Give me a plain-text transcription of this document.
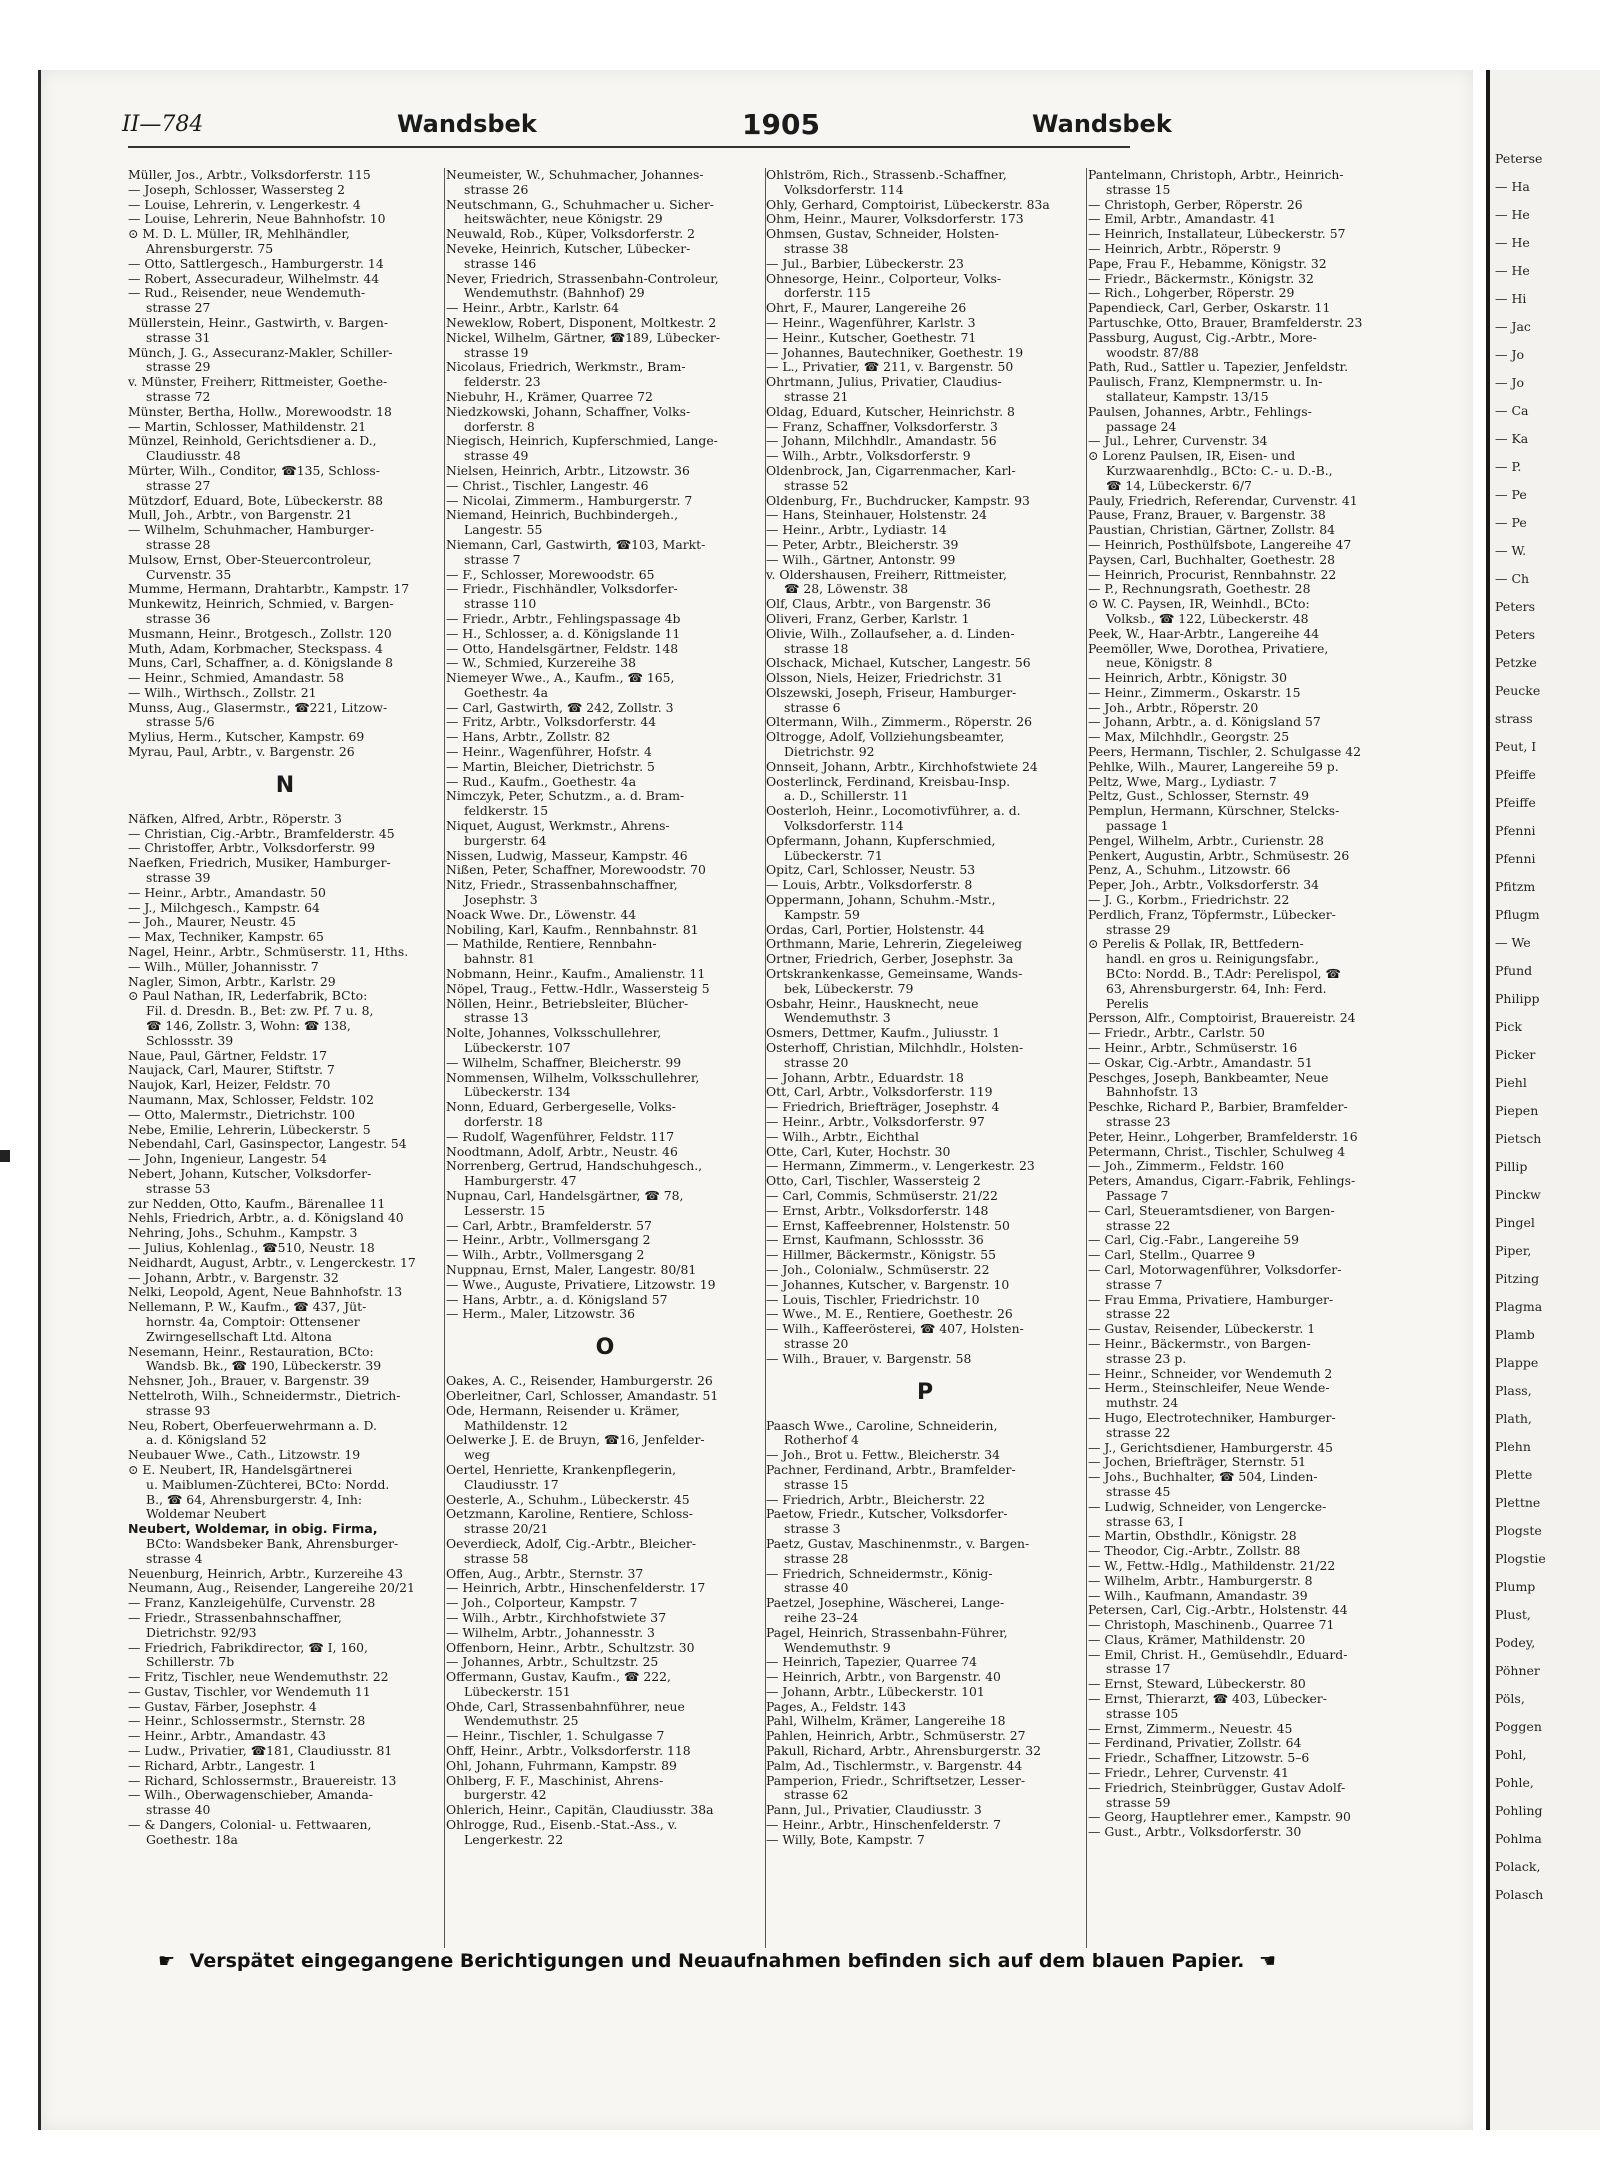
II—784	Wandsbek	1905	Wandsbek
Müller, Jos., Arbtr., Volksdorferstr. 115
— Joseph, Schlosser, Wassersteg 2
— Louise, Lehrerin, v. Lengerkestr. 4
— Louise, Lehrerin, Neue Bahnhofstr. 10
⊙ M. D. L. Müller, IR, Mehlhändler,
Ahrensburgerstr. 75
— Otto, Sattlergesch., Hamburgerstr. 14
— Robert, Assecuradeur, Wilhelmstr. 44
— Rud., Reisender, neue Wendemuth-
strasse 27
Müllerstein, Heinr., Gastwirth, v. Bargen-
strasse 31
Münch, J. G., Assecuranz-Makler, Schiller-
strasse 29
v. Münster, Freiherr, Rittmeister, Goethe-
strasse 72
Münster, Bertha, Hollw., Morewoodstr. 18
— Martin, Schlosser, Mathildenstr. 21
Münzel, Reinhold, Gerichtsdiener a. D.,
Claudiusstr. 48
Mürter, Wilh., Conditor, ☎135, Schloss-
strasse 27
Mützdorf, Eduard, Bote, Lübeckerstr. 88
Mull, Joh., Arbtr., von Bargenstr. 21
— Wilhelm, Schuhmacher, Hamburger-
strasse 28
Mulsow, Ernst, Ober-Steuercontroleur,
Curvenstr. 35
Mumme, Hermann, Drahtarbtr., Kampstr. 17
Munkewitz, Heinrich, Schmied, v. Bargen-
strasse 36
Musmann, Heinr., Brotgesch., Zollstr. 120
Muth, Adam, Korbmacher, Steckspass. 4
Muns, Carl, Schaffner, a. d. Königslande 8
— Heinr., Schmied, Amandastr. 58
— Wilh., Wirthsch., Zollstr. 21
Munss, Aug., Glasermstr., ☎221, Litzow-
strasse 5/6
Mylius, Herm., Kutscher, Kampstr. 69
Myrau, Paul, Arbtr., v. Bargenstr. 26
N
Näfken, Alfred, Arbtr., Röperstr. 3
— Christian, Cig.-Arbtr., Bramfelderstr. 45
— Christoffer, Arbtr., Volksdorferstr. 99
Naefken, Friedrich, Musiker, Hamburger-
strasse 39
— Heinr., Arbtr., Amandastr. 50
— J., Milchgesch., Kampstr. 64
— Joh., Maurer, Neustr. 45
— Max, Techniker, Kampstr. 65
Nagel, Heinr., Arbtr., Schmüserstr. 11, Hths.
— Wilh., Müller, Johannisstr. 7
Nagler, Simon, Arbtr., Karlstr. 29
⊙ Paul Nathan, IR, Lederfabrik, BCto:
Fil. d. Dresdn. B., Bet: zw. Pf. 7 u. 8,
☎ 146, Zollstr. 3, Wohn: ☎ 138,
Schlossstr. 39
Naue, Paul, Gärtner, Feldstr. 17
Naujack, Carl, Maurer, Stiftstr. 7
Naujok, Karl, Heizer, Feldstr. 70
Naumann, Max, Schlosser, Feldstr. 102
— Otto, Malermstr., Dietrichstr. 100
Nebe, Emilie, Lehrerin, Lübeckerstr. 5
Nebendahl, Carl, Gasinspector, Langestr. 54
— John, Ingenieur, Langestr. 54
Nebert, Johann, Kutscher, Volksdorfer-
strasse 53
zur Nedden, Otto, Kaufm., Bärenallee 11
Nehls, Friedrich, Arbtr., a. d. Königsland 40
Nehring, Johs., Schuhm., Kampstr. 3
— Julius, Kohlenlag., ☎510, Neustr. 18
Neidhardt, August, Arbtr., v. Lengerckestr. 17
— Johann, Arbtr., v. Bargenstr. 32
Nelki, Leopold, Agent, Neue Bahnhofstr. 13
Nellemann, P. W., Kaufm., ☎ 437, Jüt-
hornstr. 4a, Comptoir: Ottensener
Zwirngesellschaft Ltd. Altona
Nesemann, Heinr., Restauration, BCto:
Wandsb. Bk., ☎ 190, Lübeckerstr. 39
Nehsner, Joh., Brauer, v. Bargenstr. 39
Nettelroth, Wilh., Schneidermstr., Dietrich-
strasse 93
Neu, Robert, Oberfeuerwehrmann a. D.
a. d. Königsland 52
Neubauer Wwe., Cath., Litzowstr. 19
⊙ E. Neubert, IR, Handelsgärtnerei
u. Maiblumen-Züchterei, BCto: Nordd.
B., ☎ 64, Ahrensburgerstr. 4, Inh:
Woldemar Neubert
Neubert, Woldemar, in obig. Firma,
BCto: Wandsbeker Bank, Ahrensburger-
strasse 4
Neuenburg, Heinrich, Arbtr., Kurzereihe 43
Neumann, Aug., Reisender, Langereihe 20/21
— Franz, Kanzleigehülfe, Curvenstr. 28
— Friedr., Strassenbahnschaffner,
Dietrichstr. 92/93
— Friedrich, Fabrikdirector, ☎ I, 160,
Schillerstr. 7b
— Fritz, Tischler, neue Wendemuthstr. 22
— Gustav, Tischler, vor Wendemuth 11
— Gustav, Färber, Josephstr. 4
— Heinr., Schlossermstr., Sternstr. 28
— Heinr., Arbtr., Amandastr. 43
— Ludw., Privatier, ☎181, Claudiusstr. 81
— Richard, Arbtr., Langestr. 1
— Richard, Schlossermstr., Brauereistr. 13
— Wilh., Oberwagenschieber, Amanda-
strasse 40
— & Dangers, Colonial- u. Fettwaaren,
Goethestr. 18a
Neumeister, W., Schuhmacher, Johannes-
strasse 26
Neutschmann, G., Schuhmacher u. Sicher-
heitswächter, neue Königstr. 29
Neuwald, Rob., Küper, Volksdorferstr. 2
Neveke, Heinrich, Kutscher, Lübecker-
strasse 146
Never, Friedrich, Strassenbahn-Controleur,
Wendemuthstr. (Bahnhof) 29
— Heinr., Arbtr., Karlstr. 64
Neweklow, Robert, Disponent, Moltkestr. 2
Nickel, Wilhelm, Gärtner, ☎189, Lübecker-
strasse 19
Nicolaus, Friedrich, Werkmstr., Bram-
felderstr. 23
Niebuhr, H., Krämer, Quarree 72
Niedzkowski, Johann, Schaffner, Volks-
dorferstr. 8
Niegisch, Heinrich, Kupferschmied, Lange-
strasse 49
Nielsen, Heinrich, Arbtr., Litzowstr. 36
— Christ., Tischler, Langestr. 46
— Nicolai, Zimmerm., Hamburgerstr. 7
Niemand, Heinrich, Buchbindergeh.,
Langestr. 55
Niemann, Carl, Gastwirth, ☎103, Markt-
strasse 7
— F., Schlosser, Morewoodstr. 65
— Friedr., Fischhändler, Volksdorfer-
strasse 110
— Friedr., Arbtr., Fehlingspassage 4b
— H., Schlosser, a. d. Königslande 11
— Otto, Handelsgärtner, Feldstr. 148
— W., Schmied, Kurzereihe 38
Niemeyer Wwe., A., Kaufm., ☎ 165,
Goethestr. 4a
— Carl, Gastwirth, ☎ 242, Zollstr. 3
— Fritz, Arbtr., Volksdorferstr. 44
— Hans, Arbtr., Zollstr. 82
— Heinr., Wagenführer, Hofstr. 4
— Martin, Bleicher, Dietrichstr. 5
— Rud., Kaufm., Goethestr. 4a
Nimczyk, Peter, Schutzm., a. d. Bram-
feldkerstr. 15
Niquet, August, Werkmstr., Ahrens-
burgerstr. 64
Nissen, Ludwig, Masseur, Kampstr. 46
Nißen, Peter, Schaffner, Morewoodstr. 70
Nitz, Friedr., Strassenbahnschaffner,
Josephstr. 3
Noack Wwe. Dr., Löwenstr. 44
Nobiling, Karl, Kaufm., Rennbahnstr. 81
— Mathilde, Rentiere, Rennbahn-
bahnstr. 81
Nobmann, Heinr., Kaufm., Amalienstr. 11
Nöpel, Traug., Fettw.-Hdlr., Wassersteig 5
Nöllen, Heinr., Betriebsleiter, Blücher-
strasse 13
Nolte, Johannes, Volksschullehrer,
Lübeckerstr. 107
— Wilhelm, Schaffner, Bleicherstr. 99
Nommensen, Wilhelm, Volksschullehrer,
Lübeckerstr. 134
Nonn, Eduard, Gerbergeselle, Volks-
dorferstr. 18
— Rudolf, Wagenführer, Feldstr. 117
Noodtmann, Adolf, Arbtr., Neustr. 46
Norrenberg, Gertrud, Handschuhgesch.,
Hamburgerstr. 47
Nupnau, Carl, Handelsgärtner, ☎ 78,
Lesserstr. 15
— Carl, Arbtr., Bramfelderstr. 57
— Heinr., Arbtr., Vollmersgang 2
— Wilh., Arbtr., Vollmersgang 2
Nuppnau, Ernst, Maler, Langestr. 80/81
— Wwe., Auguste, Privatiere, Litzowstr. 19
— Hans, Arbtr., a. d. Königsland 57
— Herm., Maler, Litzowstr. 36
O
Oakes, A. C., Reisender, Hamburgerstr. 26
Oberleitner, Carl, Schlosser, Amandastr. 51
Ode, Hermann, Reisender u. Krämer,
Mathildenstr. 12
Oelwerke J. E. de Bruyn, ☎16, Jenfelder-
weg
Oertel, Henriette, Krankenpflegerin,
Claudiusstr. 17
Oesterle, A., Schuhm., Lübeckerstr. 45
Oetzmann, Karoline, Rentiere, Schloss-
strasse 20/21
Oeverdieck, Adolf, Cig.-Arbtr., Bleicher-
strasse 58
Offen, Aug., Arbtr., Sternstr. 37
— Heinrich, Arbtr., Hinschenfelderstr. 17
— Joh., Colporteur, Kampstr. 7
— Wilh., Arbtr., Kirchhofstwiete 37
— Wilhelm, Arbtr., Johannesstr. 3
Offenborn, Heinr., Arbtr., Schultzstr. 30
— Johannes, Arbtr., Schultzstr. 25
Offermann, Gustav, Kaufm., ☎ 222,
Lübeckerstr. 151
Ohde, Carl, Strassenbahnführer, neue
Wendemuthstr. 25
— Heinr., Tischler, 1. Schulgasse 7
Ohff, Heinr., Arbtr., Volksdorferstr. 118
Ohl, Johann, Fuhrmann, Kampstr. 89
Ohlberg, F. F., Maschinist, Ahrens-
burgerstr. 42
Ohlerich, Heinr., Capitän, Claudiusstr. 38a
Ohlrogge, Rud., Eisenb.-Stat.-Ass., v.
Lengerkestr. 22
Ohlström, Rich., Strassenb.-Schaffner,
Volksdorferstr. 114
Ohly, Gerhard, Comptoirist, Lübeckerstr. 83a
Ohm, Heinr., Maurer, Volksdorferstr. 173
Ohmsen, Gustav, Schneider, Holsten-
strasse 38
— Jul., Barbier, Lübeckerstr. 23
Ohnesorge, Heinr., Colporteur, Volks-
dorferstr. 115
Ohrt, F., Maurer, Langereihe 26
— Heinr., Wagenführer, Karlstr. 3
— Heinr., Kutscher, Goethestr. 71
— Johannes, Bautechniker, Goethestr. 19
— L., Privatier, ☎ 211, v. Bargenstr. 50
Ohrtmann, Julius, Privatier, Claudius-
strasse 21
Oldag, Eduard, Kutscher, Heinrichstr. 8
— Franz, Schaffner, Volksdorferstr. 3
— Johann, Milchhdlr., Amandastr. 56
— Wilh., Arbtr., Volksdorferstr. 9
Oldenbrock, Jan, Cigarrenmacher, Karl-
strasse 52
Oldenburg, Fr., Buchdrucker, Kampstr. 93
— Hans, Steinhauer, Holstenstr. 24
— Heinr., Arbtr., Lydiastr. 14
— Peter, Arbtr., Bleicherstr. 39
— Wilh., Gärtner, Antonstr. 99
v. Oldershausen, Freiherr, Rittmeister,
☎ 28, Löwenstr. 38
Olf, Claus, Arbtr., von Bargenstr. 36
Oliveri, Franz, Gerber, Karlstr. 1
Olivie, Wilh., Zollaufseher, a. d. Linden-
strasse 18
Olschack, Michael, Kutscher, Langestr. 56
Olsson, Niels, Heizer, Friedrichstr. 31
Olszewski, Joseph, Friseur, Hamburger-
strasse 6
Oltermann, Wilh., Zimmerm., Röperstr. 26
Oltrogge, Adolf, Vollziehungsbeamter,
Dietrichstr. 92
Onnseit, Johann, Arbtr., Kirchhofstwiete 24
Oosterlinck, Ferdinand, Kreisbau-Insp.
a. D., Schillerstr. 11
Oosterloh, Heinr., Locomotivführer, a. d.
Volksdorferstr. 114
Opfermann, Johann, Kupferschmied,
Lübeckerstr. 71
Opitz, Carl, Schlosser, Neustr. 53
— Louis, Arbtr., Volksdorferstr. 8
Oppermann, Johann, Schuhm.-Mstr.,
Kampstr. 59
Ordas, Carl, Portier, Holstenstr. 44
Orthmann, Marie, Lehrerin, Ziegeleiweg
Ortner, Friedrich, Gerber, Josephstr. 3a
Ortskrankenkasse, Gemeinsame, Wands-
bek, Lübeckerstr. 79
Osbahr, Heinr., Hausknecht, neue
Wendemuthstr. 3
Osmers, Dettmer, Kaufm., Juliusstr. 1
Osterhoff, Christian, Milchhdlr., Holsten-
strasse 20
— Johann, Arbtr., Eduardstr. 18
Ott, Carl, Arbtr., Volksdorferstr. 119
— Friedrich, Briefträger, Josephstr. 4
— Heinr., Arbtr., Volksdorferstr. 97
— Wilh., Arbtr., Eichthal
Otte, Carl, Kuter, Hochstr. 30
— Hermann, Zimmerm., v. Lengerkestr. 23
Otto, Carl, Tischler, Wassersteig 2
— Carl, Commis, Schmüserstr. 21/22
— Ernst, Arbtr., Volksdorferstr. 148
— Ernst, Kaffeebrenner, Holstenstr. 50
— Ernst, Kaufmann, Schlossstr. 36
— Hillmer, Bäckermstr., Königstr. 55
— Joh., Colonialw., Schmüserstr. 22
— Johannes, Kutscher, v. Bargenstr. 10
— Louis, Tischler, Friedrichstr. 10
— Wwe., M. E., Rentiere, Goethestr. 26
— Wilh., Kaffeerösterei, ☎ 407, Holsten-
strasse 20
— Wilh., Brauer, v. Bargenstr. 58
P
Paasch Wwe., Caroline, Schneiderin,
Rotherhof 4
— Joh., Brot u. Fettw., Bleicherstr. 34
Pachner, Ferdinand, Arbtr., Bramfelder-
strasse 15
— Friedrich, Arbtr., Bleicherstr. 22
Paetow, Friedr., Kutscher, Volksdorfer-
strasse 3
Paetz, Gustav, Maschinenmstr., v. Bargen-
strasse 28
— Friedrich, Schneidermstr., König-
strasse 40
Paetzel, Josephine, Wäscherei, Lange-
reihe 23–24
Pagel, Heinrich, Strassenbahn-Führer,
Wendemuthstr. 9
— Heinrich, Tapezier, Quarree 74
— Heinrich, Arbtr., von Bargenstr. 40
— Johann, Arbtr., Lübeckerstr. 101
Pages, A., Feldstr. 143
Pahl, Wilhelm, Krämer, Langereihe 18
Pahlen, Heinrich, Arbtr., Schmüserstr. 27
Pakull, Richard, Arbtr., Ahrensburgerstr. 32
Palm, Ad., Tischlermstr., v. Bargenstr. 44
Pamperion, Friedr., Schriftsetzer, Lesser-
strasse 62
Pann, Jul., Privatier, Claudiusstr. 3
— Heinr., Arbtr., Hinschenfelderstr. 7
— Willy, Bote, Kampstr. 7
Pantelmann, Christoph, Arbtr., Heinrich-
strasse 15
— Christoph, Gerber, Röperstr. 26
— Emil, Arbtr., Amandastr. 41
— Heinrich, Installateur, Lübeckerstr. 57
— Heinrich, Arbtr., Röperstr. 9
Pape, Frau F., Hebamme, Königstr. 32
— Friedr., Bäckermstr., Königstr. 32
— Rich., Lohgerber, Röperstr. 29
Papendieck, Carl, Gerber, Oskarstr. 11
Partuschke, Otto, Brauer, Bramfelderstr. 23
Passburg, August, Cig.-Arbtr., More-
woodstr. 87/88
Path, Rud., Sattler u. Tapezier, Jenfeldstr.
Paulisch, Franz, Klempnermstr. u. In-
stallateur, Kampstr. 13/15
Paulsen, Johannes, Arbtr., Fehlings-
passage 24
— Jul., Lehrer, Curvenstr. 34
⊙ Lorenz Paulsen, IR, Eisen- und
Kurzwaarenhdlg., BCto: C.- u. D.-B.,
☎ 14, Lübeckerstr. 6/7
Pauly, Friedrich, Referendar, Curvenstr. 41
Pause, Franz, Brauer, v. Bargenstr. 38
Paustian, Christian, Gärtner, Zollstr. 84
— Heinrich, Posthülfsbote, Langereihe 47
Paysen, Carl, Buchhalter, Goethestr. 28
— Heinrich, Procurist, Rennbahnstr. 22
— P., Rechnungsrath, Goethestr. 28
⊙ W. C. Paysen, IR, Weinhdl., BCto:
Volksb., ☎ 122, Lübeckerstr. 48
Peek, W., Haar-Arbtr., Langereihe 44
Peemöller, Wwe, Dorothea, Privatiere,
neue, Königstr. 8
— Heinrich, Arbtr., Königstr. 30
— Heinr., Zimmerm., Oskarstr. 15
— Joh., Arbtr., Röperstr. 20
— Johann, Arbtr., a. d. Königsland 57
— Max, Milchhdlr., Georgstr. 25
Peers, Hermann, Tischler, 2. Schulgasse 42
Pehlke, Wilh., Maurer, Langereihe 59 p.
Peltz, Wwe, Marg., Lydiastr. 7
Peltz, Gust., Schlosser, Sternstr. 49
Pemplun, Hermann, Kürschner, Stelcks-
passage 1
Pengel, Wilhelm, Arbtr., Curienstr. 28
Penkert, Augustin, Arbtr., Schmüsestr. 26
Penz, A., Schuhm., Litzowstr. 66
Peper, Joh., Arbtr., Volksdorferstr. 34
— J. G., Korbm., Friedrichstr. 22
Perdlich, Franz, Töpfermstr., Lübecker-
strasse 29
⊙ Perelis & Pollak, IR, Bettfedern-
handl. en gros u. Reinigungsfabr.,
BCto: Nordd. B., T.Adr: Perelispol, ☎
63, Ahrensburgerstr. 64, Inh: Ferd.
Perelis
Persson, Alfr., Comptoirist, Brauereistr. 24
— Friedr., Arbtr., Carlstr. 50
— Heinr., Arbtr., Schmüserstr. 16
— Oskar, Cig.-Arbtr., Amandastr. 51
Peschges, Joseph, Bankbeamter, Neue
Bahnhofstr. 13
Peschke, Richard P., Barbier, Bramfelder-
strasse 23
Peter, Heinr., Lohgerber, Bramfelderstr. 16
Petermann, Christ., Tischler, Schulweg 4
— Joh., Zimmerm., Feldstr. 160
Peters, Amandus, Cigarr.-Fabrik, Fehlings-
Passage 7
— Carl, Steueramtsdiener, von Bargen-
strasse 22
— Carl, Cig.-Fabr., Langereihe 59
— Carl, Stellm., Quarree 9
— Carl, Motorwagenführer, Volksdorfer-
strasse 7
— Frau Emma, Privatiere, Hamburger-
strasse 22
— Gustav, Reisender, Lübeckerstr. 1
— Heinr., Bäckermstr., von Bargen-
strasse 23 p.
— Heinr., Schneider, vor Wendemuth 2
— Herm., Steinschleifer, Neue Wende-
muthstr. 24
— Hugo, Electrotechniker, Hamburger-
strasse 22
— J., Gerichtsdiener, Hamburgerstr. 45
— Jochen, Briefträger, Sternstr. 51
— Johs., Buchhalter, ☎ 504, Linden-
strasse 45
— Ludwig, Schneider, von Lengercke-
strasse 63, I
— Martin, Obsthdlr., Königstr. 28
— Theodor, Cig.-Arbtr., Zollstr. 88
— W., Fettw.-Hdlg., Mathildenstr. 21/22
— Wilhelm, Arbtr., Hamburgerstr. 8
— Wilh., Kaufmann, Amandastr. 39
Petersen, Carl, Cig.-Arbtr., Holstenstr. 44
— Christoph, Maschinenb., Quarree 71
— Claus, Krämer, Mathildenstr. 20
— Emil, Christ. H., Gemüsehdlr., Eduard-
strasse 17
— Ernst, Steward, Lübeckerstr. 80
— Ernst, Thierarzt, ☎ 403, Lübecker-
strasse 105
— Ernst, Zimmerm., Neuestr. 45
— Ferdinand, Privatier, Zollstr. 64
— Friedr., Schaffner, Litzowstr. 5–6
— Friedr., Lehrer, Curvenstr. 41
— Friedrich, Steinbrügger, Gustav Adolf-
strasse 59
— Georg, Hauptlehrer emer., Kampstr. 90
— Gust., Arbtr., Volksdorferstr. 30
☛ Verspätet eingegangene Berichtigungen und Neuaufnahmen befinden sich auf dem blauen Papier. ☚
Peterse
— Ha
— He
— He
— He
— Hi
— Jac
— Jo
— Jo
— Ca
— Ka
— P.
— Pe
— Pe
— W.
— Ch
Peters
Peters
Petzke
Peucke
strass
Peut, I
Pfeiffe
Pfeiffe
Pfenni
Pfenni
Pfitzm
Pflugm
— We
Pfund
Philipp
Pick
Picker
Piehl
Piepen
Pietsch
Pillip
Pinckw
Pingel
Piper,
Pitzing
Plagma
Plamb
Plappe
Plass,
Plath,
Plehn
Plette
Plettne
Plogste
Plogstie
Plump
Plust,
Podey,
Pöhner
Pöls,
Poggen
Pohl,
Pohle,
Pohling
Pohlma
Polack,
Polasch
